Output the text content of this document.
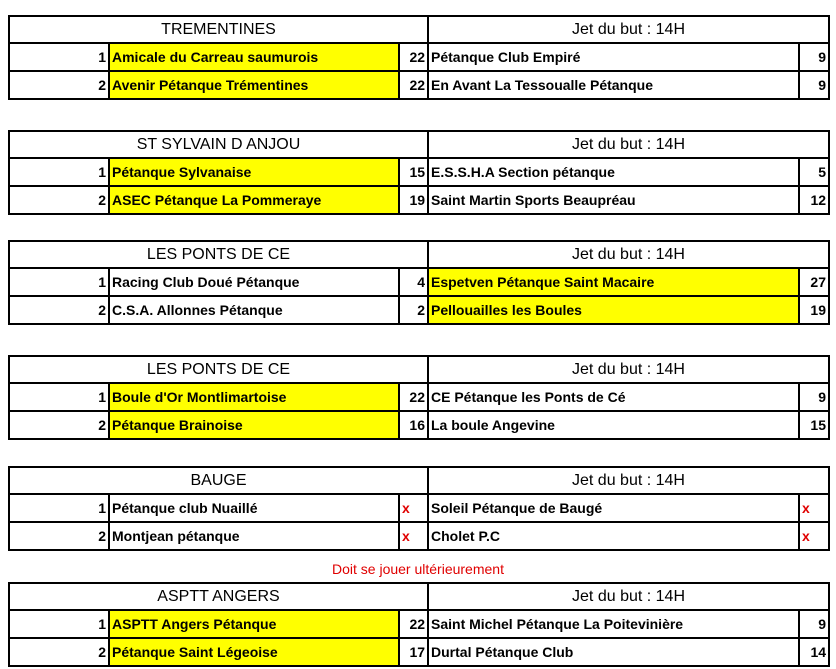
TREMENTINES			Jet du but : 14H	
1	Amicale du Carreau saumurois	22	Pétanque Club Empiré	9
2	Avenir Pétanque Trémentines	22	En Avant La Tessoualle Pétanque	9
ST SYLVAIN D ANJOU			Jet du but : 14H	
1	Pétanque Sylvanaise	15	E.S.S.H.A Section pétanque	5
2	ASEC Pétanque La Pommeraye	19	Saint Martin Sports Beaupréau	12
LES PONTS DE CE			Jet du but : 14H	
1	Racing Club Doué Pétanque	4	Espetven Pétanque Saint Macaire	27
2	C.S.A. Allonnes Pétanque	2	Pellouailles les Boules	19
LES PONTS DE CE			Jet du but : 14H	
1	Boule d'Or Montlimartoise	22	CE Pétanque les Ponts de Cé	9
2	Pétanque Brainoise	16	La boule Angevine	15
BAUGE			Jet du but : 14H	
1	Pétanque club Nuaillé	x	Soleil Pétanque de Baugé	x
2	Montjean pétanque	x	Cholet P.C	x
ASPTT ANGERS			Jet du but : 14H	
1	ASPTT Angers Pétanque	22	Saint Michel Pétanque La Poitevinière	9
2	Pétanque Saint Légeoise	17	Durtal Pétanque Club	14
Doit se jouer ultérieurement
